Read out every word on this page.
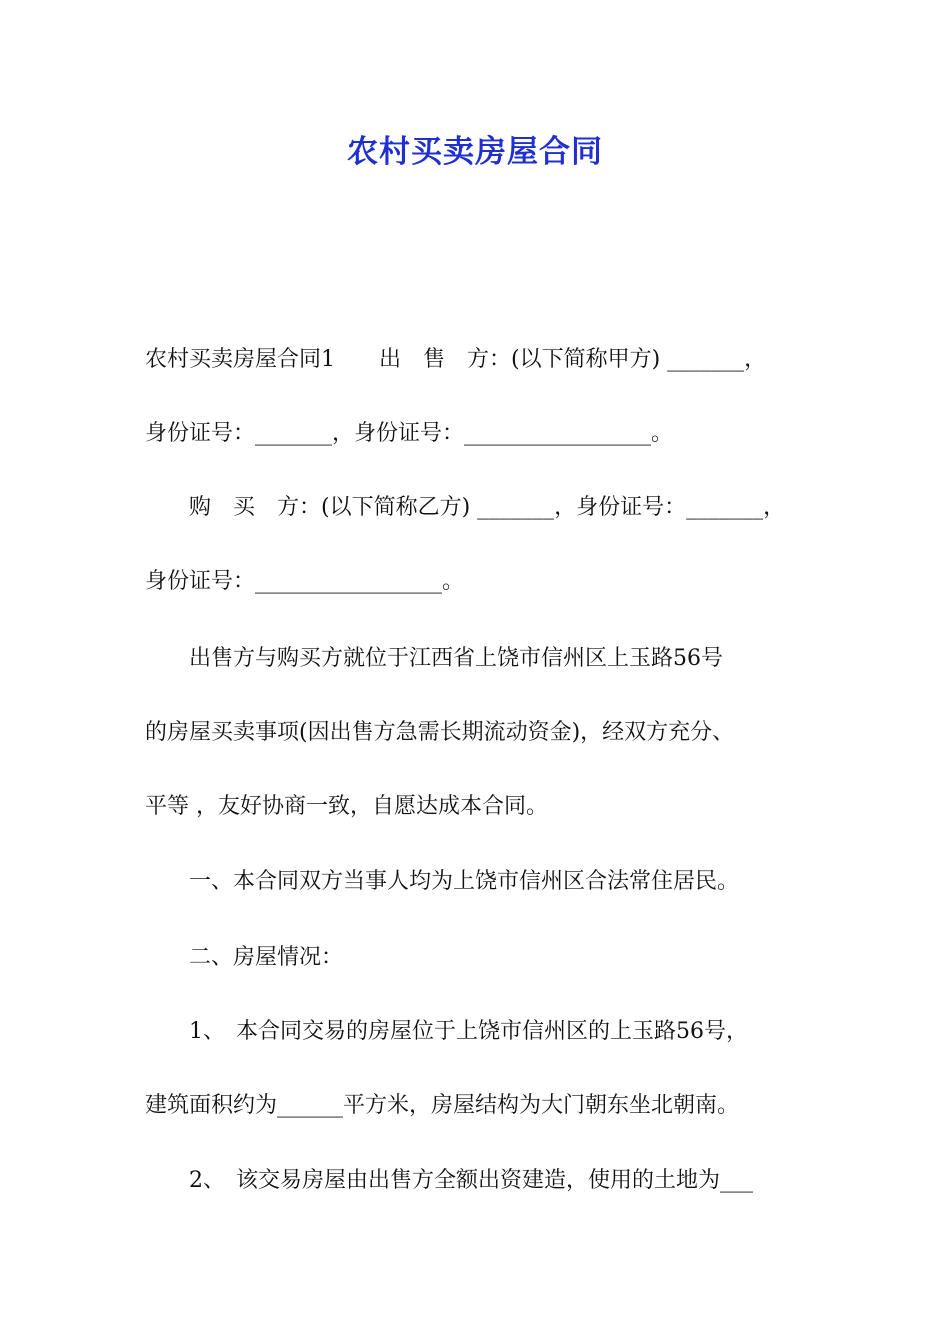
农村买卖房屋合同
农村买卖房屋合同1　　出　售　方：(以下简称甲方) _______，
身份证号：_______，身份证号：_________________。
　　购　买　方：(以下简称乙方) _______，身份证号：_______，
身份证号：_________________。
　　出售方与购买方就位于江西省上饶市信州区上玉路56号
的房屋买卖事项(因出售方急需长期流动资金)，经双方充分、
平等 ，友好协商一致，自愿达成本合同。
　　一、本合同双方当事人均为上饶市信州区合法常住居民。
　　二、房屋情况：
　　1、　本合同交易的房屋位于上饶市信州区的上玉路56号，
建筑面积约为______平方米，房屋结构为大门朝东坐北朝南。
　　2、　该交易房屋由出售方全额出资建造，使用的土地为___
